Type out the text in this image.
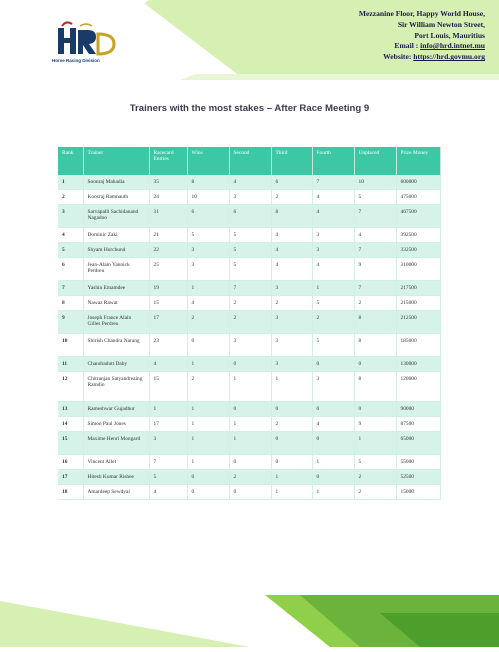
Horse Racing Division
Mezzanine Floor, Happy World House,
Sir William Newton Street,
Port Louis, Mauritius
Email : info@hrd.intnet.mu
Website: https://hrd.govmu.org
Trainers with the most stakes – After Race Meeting 9
Rank	Trainer	Racecard Entries	Wins	Second	Third	Fourth	Unplaced	Prize Money
1	Soonraj Mahadia	35	8	4	6	7	10	600000
2	Koosraj Ramnauth	24	10	3	2	4	5	475000
3	Sarvapalli Sachidanand Nagadoo	31	6	6	8	4	7	467500
4	Dominic Zaki	21	5	5	4	3	4	392500
5	Shyam Hurchund	22	3	5	4	3	7	332500
6	Jean-Alain Yannick Perdreu	25	3	5	4	4	9	310000
7	Yashin Emamdee	19	1	7	3	1	7	217500
8	Nawaz Rawat	15	4	2	2	5	2	215000
9	Joseph France Alain Gilles Perdreu	17	2	2	3	2	8	212500
10	Shirish Chandra Narang	23	0	3	3	5	8	185000
11	Chandradutt Daby	4	1	0	3	0	0	130000
12	Chitranjan Satyandreaing Ramdin	15	2	1	1	3	8	120000
13	Rameshwar Gujadhur	1	1	0	0	0	0	90000
14	Simon Paul Jones	17	1	1	2	4	9	87500
15	Maxime Henri Mongard	3	1	1	0	0	1	65000
16	Vincent Allet	7	1	0	0	1	5	55000
17	Hitesh Kumar Rishee	5	0	2	1	0	2	52500
18	Amardeep Sewdyal	4	0	0	1	1	2	15000
